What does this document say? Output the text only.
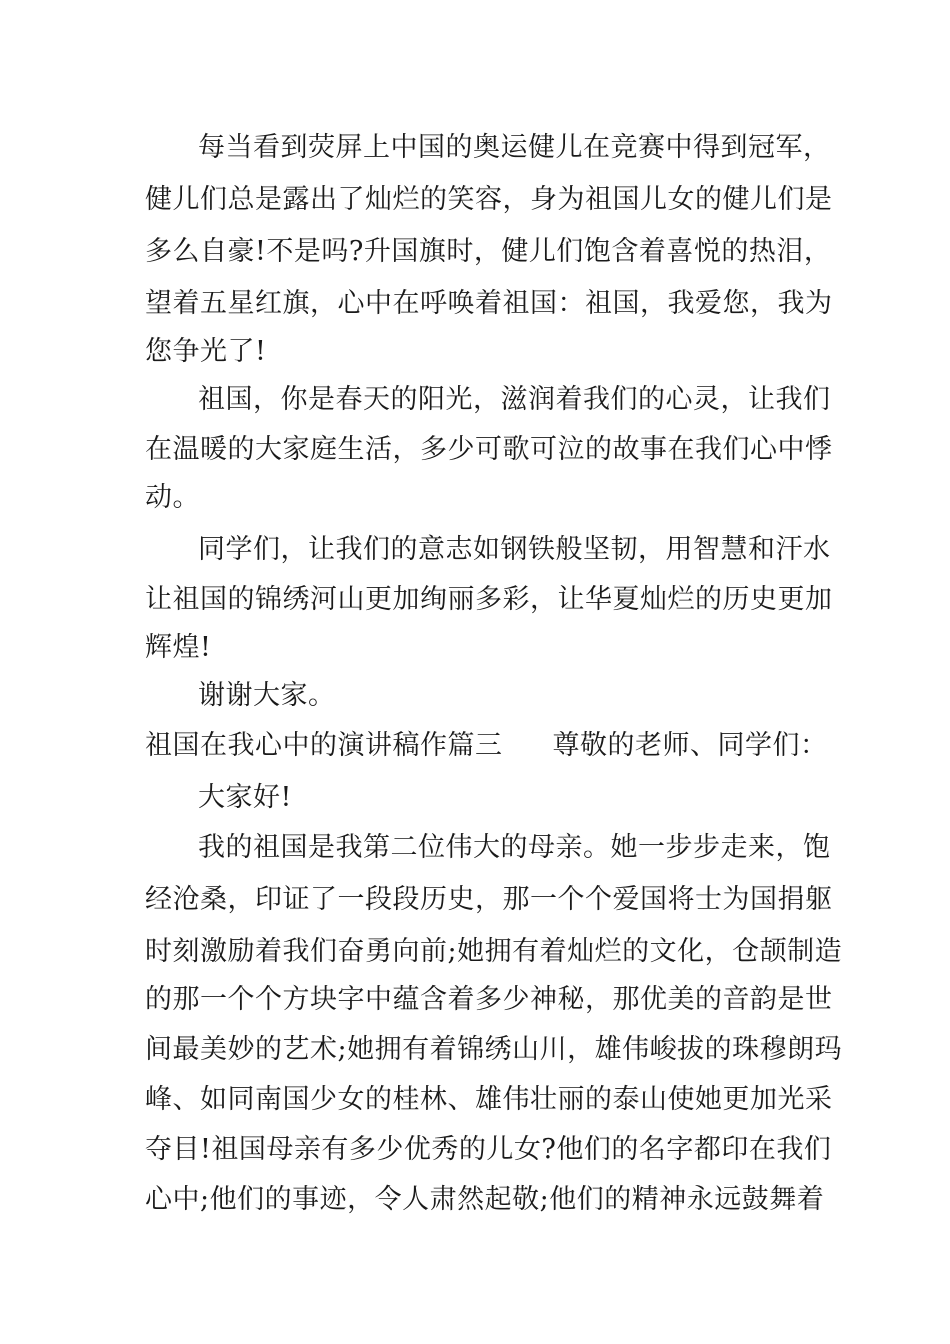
每当看到荧屏上中国的奥运健儿在竞赛中得到冠军，
健儿们总是露出了灿烂的笑容，身为祖国儿女的健儿们是
多么自豪!不是吗?升国旗时，健儿们饱含着喜悦的热泪，
望着五星红旗，心中在呼唤着祖国：祖国，我爱您，我为
您争光了!
祖国，你是春天的阳光，滋润着我们的心灵，让我们
在温暖的大家庭生活，多少可歌可泣的故事在我们心中悸
动。
同学们，让我们的意志如钢铁般坚韧，用智慧和汗水
让祖国的锦绣河山更加绚丽多彩，让华夏灿烂的历史更加
辉煌!
谢谢大家。
祖国在我心中的演讲稿作篇三 尊敬的老师、同学们：
大家好!
我的祖国是我第二位伟大的母亲。她一步步走来，饱
经沧桑，印证了一段段历史，那一个个爱国将士为国捐躯
时刻激励着我们奋勇向前;她拥有着灿烂的文化，仓颉制造
的那一个个方块字中蕴含着多少神秘，那优美的音韵是世
间最美妙的艺术;她拥有着锦绣山川，雄伟峻拔的珠穆朗玛
峰、如同南国少女的桂林、雄伟壮丽的泰山使她更加光采
夺目!祖国母亲有多少优秀的儿女?他们的名字都印在我们
心中;他们的事迹，令人肃然起敬;他们的精神永远鼓舞着
